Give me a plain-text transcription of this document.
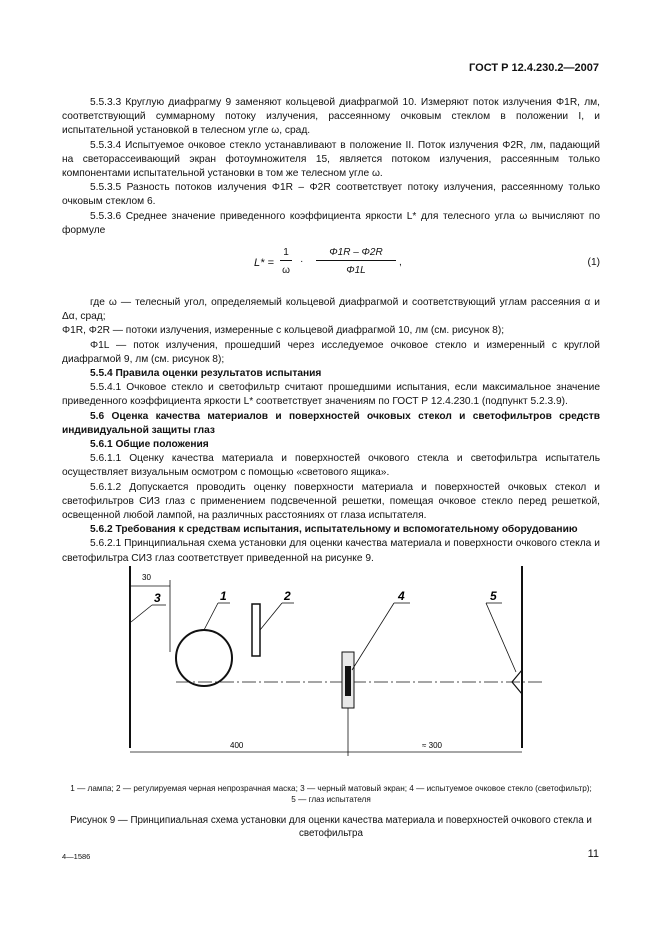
ГОСТ Р 12.4.230.2—2007

5.5.3.3 Круглую диафрагму 9 заменяют кольцевой диафрагмой 10. Измеряют поток излучения Φ1R, лм, соответствующий суммарному потоку излучения, рассеянному очковым стеклом в положении I, и испытательной установкой в телесном угле ω, срад.

5.5.3.4 Испытуемое очковое стекло устанавливают в положение II. Поток излучения Φ2R, лм, падающий на светорассеивающий экран фотоумножителя 15, является потоком излучения, рассеянным только компонентами испытательной установки в том же телесном угле ω.

5.5.3.5 Разность потоков излучения Φ1R – Φ2R соответствует потоку излучения, рассеянному только очковым стеклом 6.

5.5.3.6 Среднее значение приведенного коэффициента яркости L* для телесного угла ω вычисляют по формуле

L* =
1
ω
·
Φ1R – Φ2R
Φ1L
,	(1)

где ω — телесный угол, определяемый кольцевой диафрагмой и соответствующий углам рассеяния α и Δα, срад;

Φ1R, Φ2R — потоки излучения, измеренные с кольцевой диафрагмой 10, лм (см. рисунок 8);

Φ1L — поток излучения, прошедший через исследуемое очковое стекло и измеренный с круглой диафрагмой 9, лм (см. рисунок 8);

5.5.4 Правила оценки результатов испытания

5.5.4.1 Очковое стекло и светофильтр считают прошедшими испытания, если максимальное значение приведенного коэффициента яркости L* соответствует значениям по ГОСТ Р 12.4.230.1 (подпункт 5.2.3.9).

5.6 Оценка качества материалов и поверхностей очковых стекол и светофильтров средств индивидуальной защиты глаз

5.6.1 Общие положения

5.6.1.1 Оценку качества материала и поверхностей очкового стекла и светофильтра испытатель осуществляет визуальным осмотром с помощью «светового ящика».

5.6.1.2 Допускается проводить оценку поверхности материала и поверхностей очковых стекол и светофильтров СИЗ глаз с применением подсвеченной решетки, помещая очковое стекло перед решеткой, освещенной любой лампой, на различных расстояниях от глаза испытателя.

5.6.2 Требования к средствам испытания, испытательному и вспомогательному оборудованию

5.6.2.1 Принципиальная схема установки для оценки качества материала и поверхности очкового стекла и светофильтра СИЗ глаз соответствует приведенной на рисунке 9.

30
3	1	2	4	5
400	≈ 300
1 — лампа; 2 — регулируемая черная непрозрачная маска; 3 — черный матовый экран; 4 — испытуемое очковое стекло (светофильтр); 5 — глаз испытателя
Рисунок 9 — Принципиальная схема установки для оценки качества материала и поверхностей очкового стекла и светофильтра
4—1586	11
